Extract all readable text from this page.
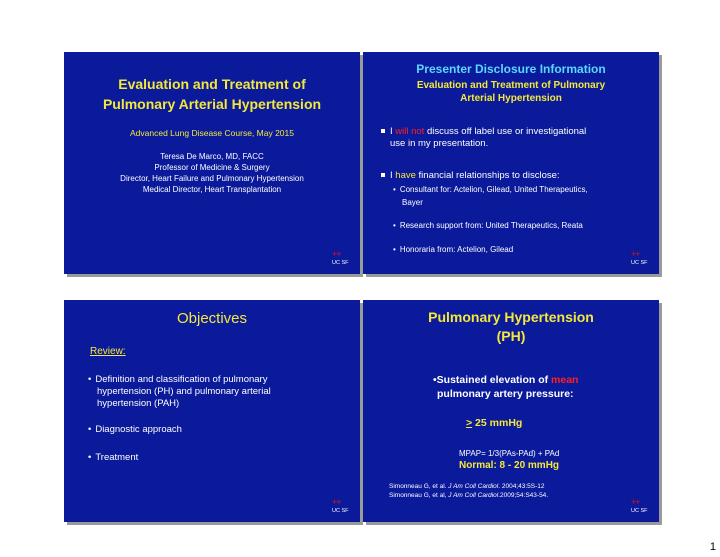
Evaluation and Treatment of
Pulmonary Arterial Hypertension
Advanced Lung Disease Course, May 2015
Teresa De Marco, MD, FACC
Professor of Medicine & Surgery
Director, Heart Failure and Pulmonary Hypertension
Medical Director, Heart Transplantation
++
UC SF
Presenter Disclosure Information
Evaluation and Treatment of Pulmonary
Arterial Hypertension
I will not discuss off label use or investigational
use in my presentation.
I have financial relationships to disclose:
• Consultant for: Actelion, Gilead, United Therapeutics,
Bayer
• Research support from: United Therapeutics, Reata
• Honoraria from: Actelion, Gilead	++
UC SF
Objectives
Review:
• Definition and classification of pulmonary
hypertension (PH) and pulmonary arterial
hypertension (PAH)
• Diagnostic approach
• Treatment
++
UC SF
Pulmonary Hypertension
(PH)
•Sustained elevation of mean
pulmonary artery pressure:
> 25 mmHg
MPAP= 1/3(PAs-PAd) + PAd
Normal: 8 - 20 mmHg
Simonneau G, et al. J Am Coll Cardiol. 2004;43:5S-12
Simonneau G, et al, J Am Coll Cardiol.2009;54:S43-54.
++
UC SF
1
